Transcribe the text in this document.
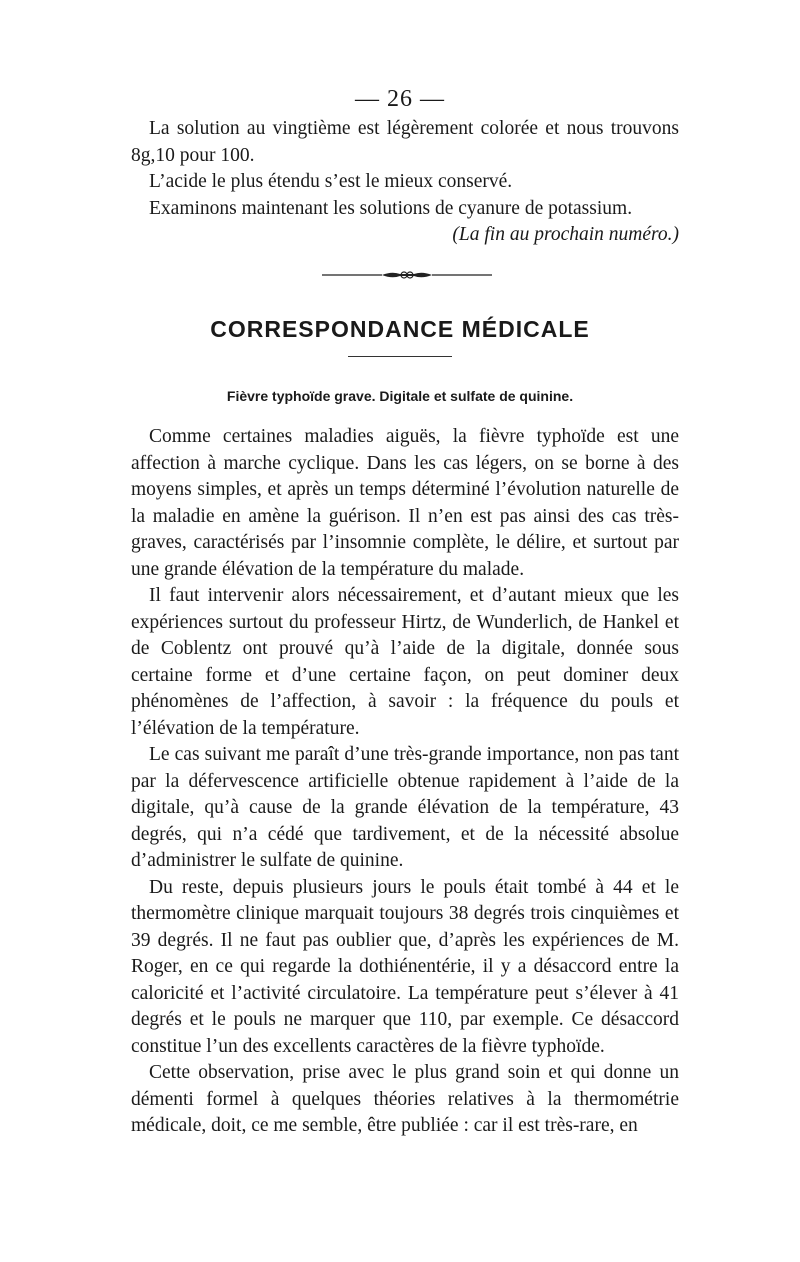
— 26 —

La solution au vingtième est légèrement colorée et nous trouvons 8g,10 pour 100.

L’acide le plus étendu s’est le mieux conservé.

Examinons maintenant les solutions de cyanure de potassium.

(La fin au prochain numéro.)

CORRESPONDANCE MÉDICALE
Fièvre typhoïde grave. Digitale et sulfate de quinine.

Comme certaines maladies aiguës, la fièvre typhoïde est une affection à marche cyclique. Dans les cas légers, on se borne à des moyens simples, et après un temps déterminé l’évolution naturelle de la maladie en amène la guérison. Il n’en est pas ainsi des cas très-graves, caractérisés par l’insomnie complète, le délire, et surtout par une grande élévation de la température du malade.

Il faut intervenir alors nécessairement, et d’autant mieux que les expériences surtout du professeur Hirtz, de Wunderlich, de Hankel et de Coblentz ont prouvé qu’à l’aide de la digitale, donnée sous certaine forme et d’une certaine façon, on peut dominer deux phénomènes de l’affection, à savoir : la fréquence du pouls et l’élévation de la température.

Le cas suivant me paraît d’une très-grande importance, non pas tant par la défervescence artificielle obtenue rapidement à l’aide de la digitale, qu’à cause de la grande élévation de la température, 43 degrés, qui n’a cédé que tardivement, et de la nécessité absolue d’administrer le sulfate de quinine.

Du reste, depuis plusieurs jours le pouls était tombé à 44 et le thermomètre clinique marquait toujours 38 degrés trois cinquièmes et 39 degrés. Il ne faut pas oublier que, d’après les expériences de M. Roger, en ce qui regarde la dothiénentérie, il y a désaccord entre la caloricité et l’activité circulatoire. La température peut s’élever à 41 degrés et le pouls ne marquer que 110, par exemple. Ce désaccord constitue l’un des excellents caractères de la fièvre typhoïde.

Cette observation, prise avec le plus grand soin et qui donne un démenti formel à quelques théories relatives à la thermométrie médicale, doit, ce me semble, être publiée : car il est très-rare, en
